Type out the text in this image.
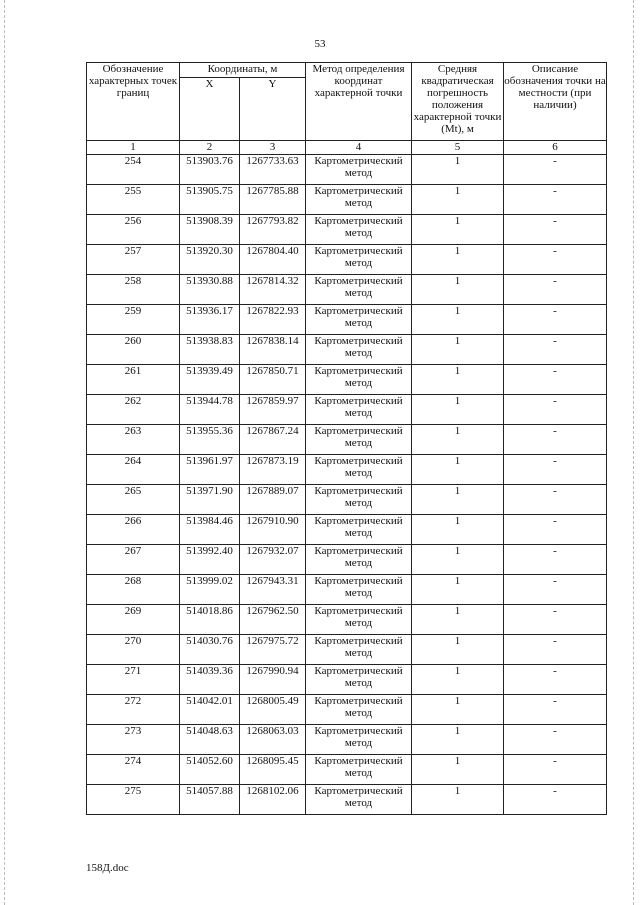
53
Обозначение характерных точек границ	Координаты, м		Метод определения координат характерной точки	Средняя квадратическая погрешность положения характерной точки (Mt), м	Описание обозначения точки на местности (при наличии)
	X	Y			
1	2	3	4	5	6
254	513903.76	1267733.63	Картометрический метод	1	-
255	513905.75	1267785.88	Картометрический метод	1	-
256	513908.39	1267793.82	Картометрический метод	1	-
257	513920.30	1267804.40	Картометрический метод	1	-
258	513930.88	1267814.32	Картометрический метод	1	-
259	513936.17	1267822.93	Картометрический метод	1	-
260	513938.83	1267838.14	Картометрический метод	1	-
261	513939.49	1267850.71	Картометрический метод	1	-
262	513944.78	1267859.97	Картометрический метод	1	-
263	513955.36	1267867.24	Картометрический метод	1	-
264	513961.97	1267873.19	Картометрический метод	1	-
265	513971.90	1267889.07	Картометрический метод	1	-
266	513984.46	1267910.90	Картометрический метод	1	-
267	513992.40	1267932.07	Картометрический метод	1	-
268	513999.02	1267943.31	Картометрический метод	1	-
269	514018.86	1267962.50	Картометрический метод	1	-
270	514030.76	1267975.72	Картометрический метод	1	-
271	514039.36	1267990.94	Картометрический метод	1	-
272	514042.01	1268005.49	Картометрический метод	1	-
273	514048.63	1268063.03	Картометрический метод	1	-
274	514052.60	1268095.45	Картометрический метод	1	-
275	514057.88	1268102.06	Картометрический метод	1	-
158Д.doc
